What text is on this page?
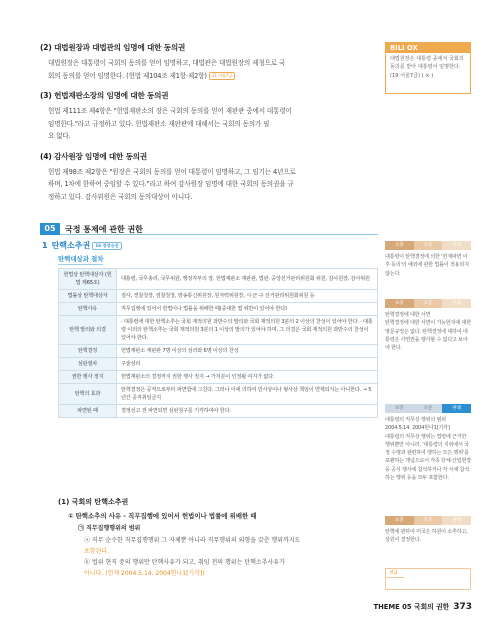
(2) 대법원장과 대법관의 임명에 대한 동의권
대법원장은 대통령이 국회의 동의를 얻어 임명하고, 대법관은 대법원장의 제청으로 국
회의 동의를 얻어 임명한다. (헌법 제104조 제1항·제2항) 21 서울7급
(3) 헌법재판소장의 임명에 대한 동의권
헌법 제111조 제4항은 "헌법재판소의 장은 국회의 동의를 얻어 재판관 중에서 대통령이
임명한다."라고 규정하고 있다. 헌법재판소 재판관에 대해서는 국회의 동의가 필
요 없다.
(4) 감사원장 임명에 대한 동의권
헌법 제98조 제2항은 "원장은 국회의 동의를 얻어 대통령이 임명하고, 그 임기는 4년으로
하며, 1차에 한하여 중임할 수 있다."라고 하여 감사원장 임명에 대한 국회의 동의권을 규
정하고 있다. 감사위원은 국회의 동의대상이 아니다.
05	국정 통제에 관한 권한
1 탄핵소추권 16 경정승진
탄핵대상과 절차
헌법상 탄핵대상자 (헌법 제65조)	대통령, 국무총리, 국무위원, 행정각부의 장, 헌법재판소 재판관, 법관, 중앙선거관리위원회 위원, 감사원장, 감사위원
법률상 탄핵대상자	검사, 경찰청장, 검찰청장, 방송통신위원장, 원자력위원장, 시·군·구 선거관리위원회위원 등
탄핵사유	직무집행에 있어서 헌법이나 법률을 위배한 때(중대한 법 위반이 있어야 한다)
탄핵 발의와 의결	· 대통령에 대한 탄핵소추는 국회 재적의원 과반수의 발의와 국회 재적의원 3분의 2 이상의 찬성이 있어야 한다. · 대통령 이외의 탄핵소추는 국회 재적의원 3분의 1 이상의 발의가 있어야 하며, 그 의결은 국회 재적의원 과반수의 찬성이 있어야 한다.
탄핵결정	헌법재판소 재판관 7명 이상의 심리와 6명 이상의 찬성
심판절차	구술심리
권한 행사 정지	헌법재판소의 결정까지 권한 행사 정지 → 가처분이 인정될 여지가 없다.
탄핵의 효과	탄핵결정은 공직으로부터 파면함에 그친다. 그러나 이에 의하여 민사상이나 형사상 책임이 면제되지는 아니한다. → 5년간 공직취임금지
파면된 때	결정선고 전 파면되면 심판청구를 기각하여야 한다.
(1) 국회의 탄핵소추권
① 탄핵소추의 사유 - 직무집행에 있어서 헌법이나 법률에 위배한 때
㉠ 직무집행행위의 범위
ⓐ 직무 순수한 직무집행행위 그 자체뿐 아니라 직무행위의 외형을 갖춘 행위까지도
포함된다.
ⓑ 법위 현직 중의 행위만 탄핵사유가 되고, 취임 전의 행위는 탄핵소추사유가
아니다. (헌재 2004.5.14. 2004헌나1[기각])
BILI OX
대법원장은 대통령 중에서 국회의 동의를 받아 대통령이 임명한다. (19 서울7급) ( × )
보충	조문	판례
대통령이 탄핵결정에 의한 '헌재파면 이후 동의'의 예외에 관한 법률이 적용되지 않는다.
보충	조문	판례
탄핵결정에 대한 사면
탄핵결정에 대한 사면이 가능한지에 대한 명문규정은 없다. 탄핵결정에 대하여 대통령은 사면권을 행사할 수 없다고 보아야 한다.
보충	조문	판례
대통령의 직무상 행위의 범위
2004.5.14. 2004헌나1[기각]
대통령의 직무상 행위는 법령에 근거한 행위뿐만 아니라, '대통령의 지위에서 국정 수행과 관련하여 행하는 모든 행위'를 포괄하는 개념으로서 각종 단체·산업현장 등 공식 행사에 참석하거나 각 시에 참석하는 행위 등을 모두 포함한다.
보충	조문	판례
탄핵에 관하여 미국은 하원이 소추하고, 상원이 결정한다.
정답
THEME 05 국회의 권한 373
